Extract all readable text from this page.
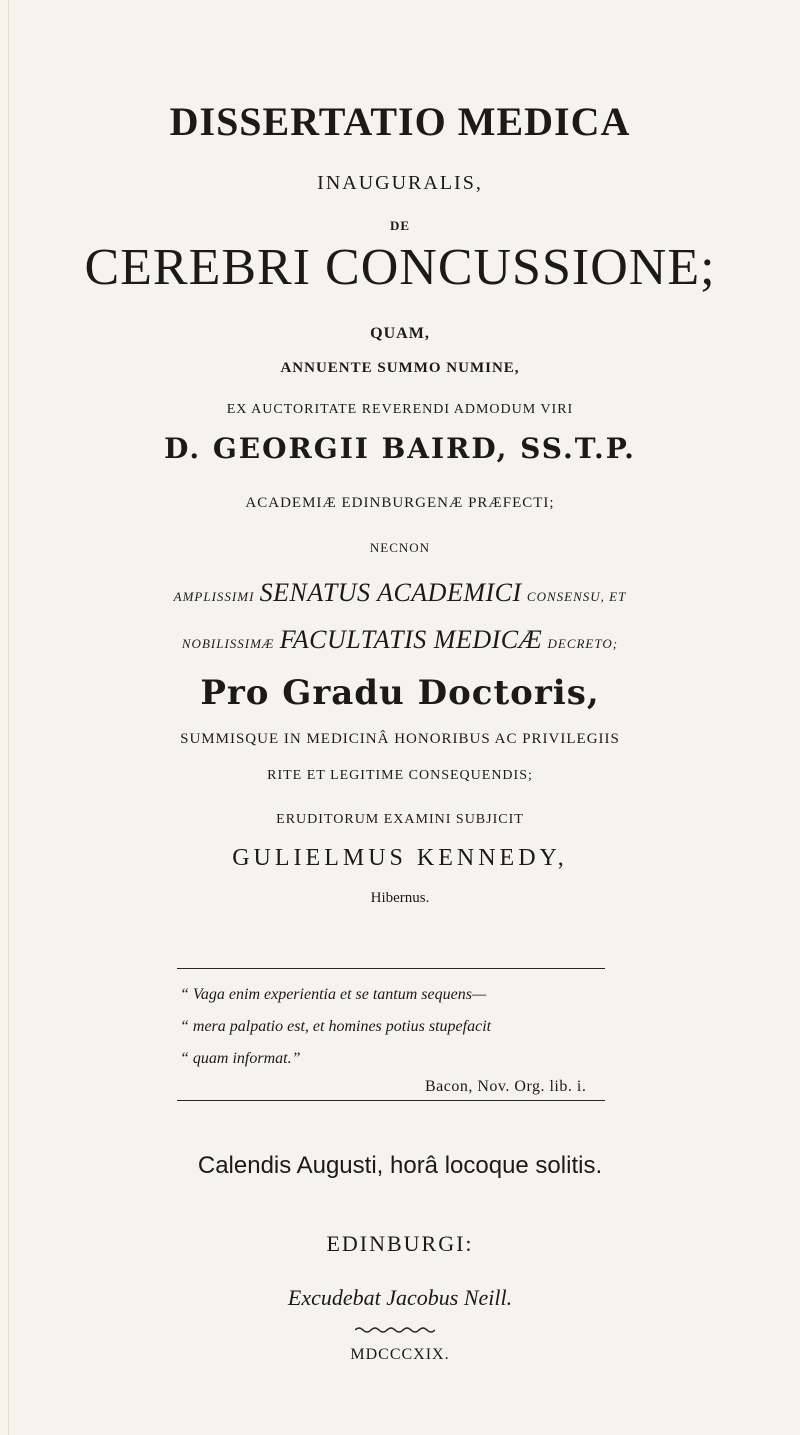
DISSERTATIO MEDICA
INAUGURALIS,
DE
CEREBRI CONCUSSIONE;
QUAM,
ANNUENTE SUMMO NUMINE,
EX AUCTORITATE REVERENDI ADMODUM VIRI
D. GEORGII BAIRD, SS.T.P.
ACADEMIÆ EDINBURGENÆ PRÆFECTI;
NECNON
AMPLISSIMI SENATUS ACADEMICI CONSENSU, ET
NOBILISSIMÆ FACULTATIS MEDICÆ DECRETO;
Pro Gradu Doctoris,
SUMMISQUE IN MEDICINÂ HONORIBUS AC PRIVILEGIIS
RITE ET LEGITIME CONSEQUENDIS;
ERUDITORUM EXAMINI SUBJICIT
GULIELMUS KENNEDY,
Hibernus.
“ Vaga enim experientia et se tantum sequens—
“ mera palpatio est, et homines potius stupefacit
“ quam informat.”
Bacon, Nov. Org. lib. i.
Calendis Augusti, horâ locoque solitis.
EDINBURGI:
Excudebat Jacobus Neill.
MDCCCXIX.
